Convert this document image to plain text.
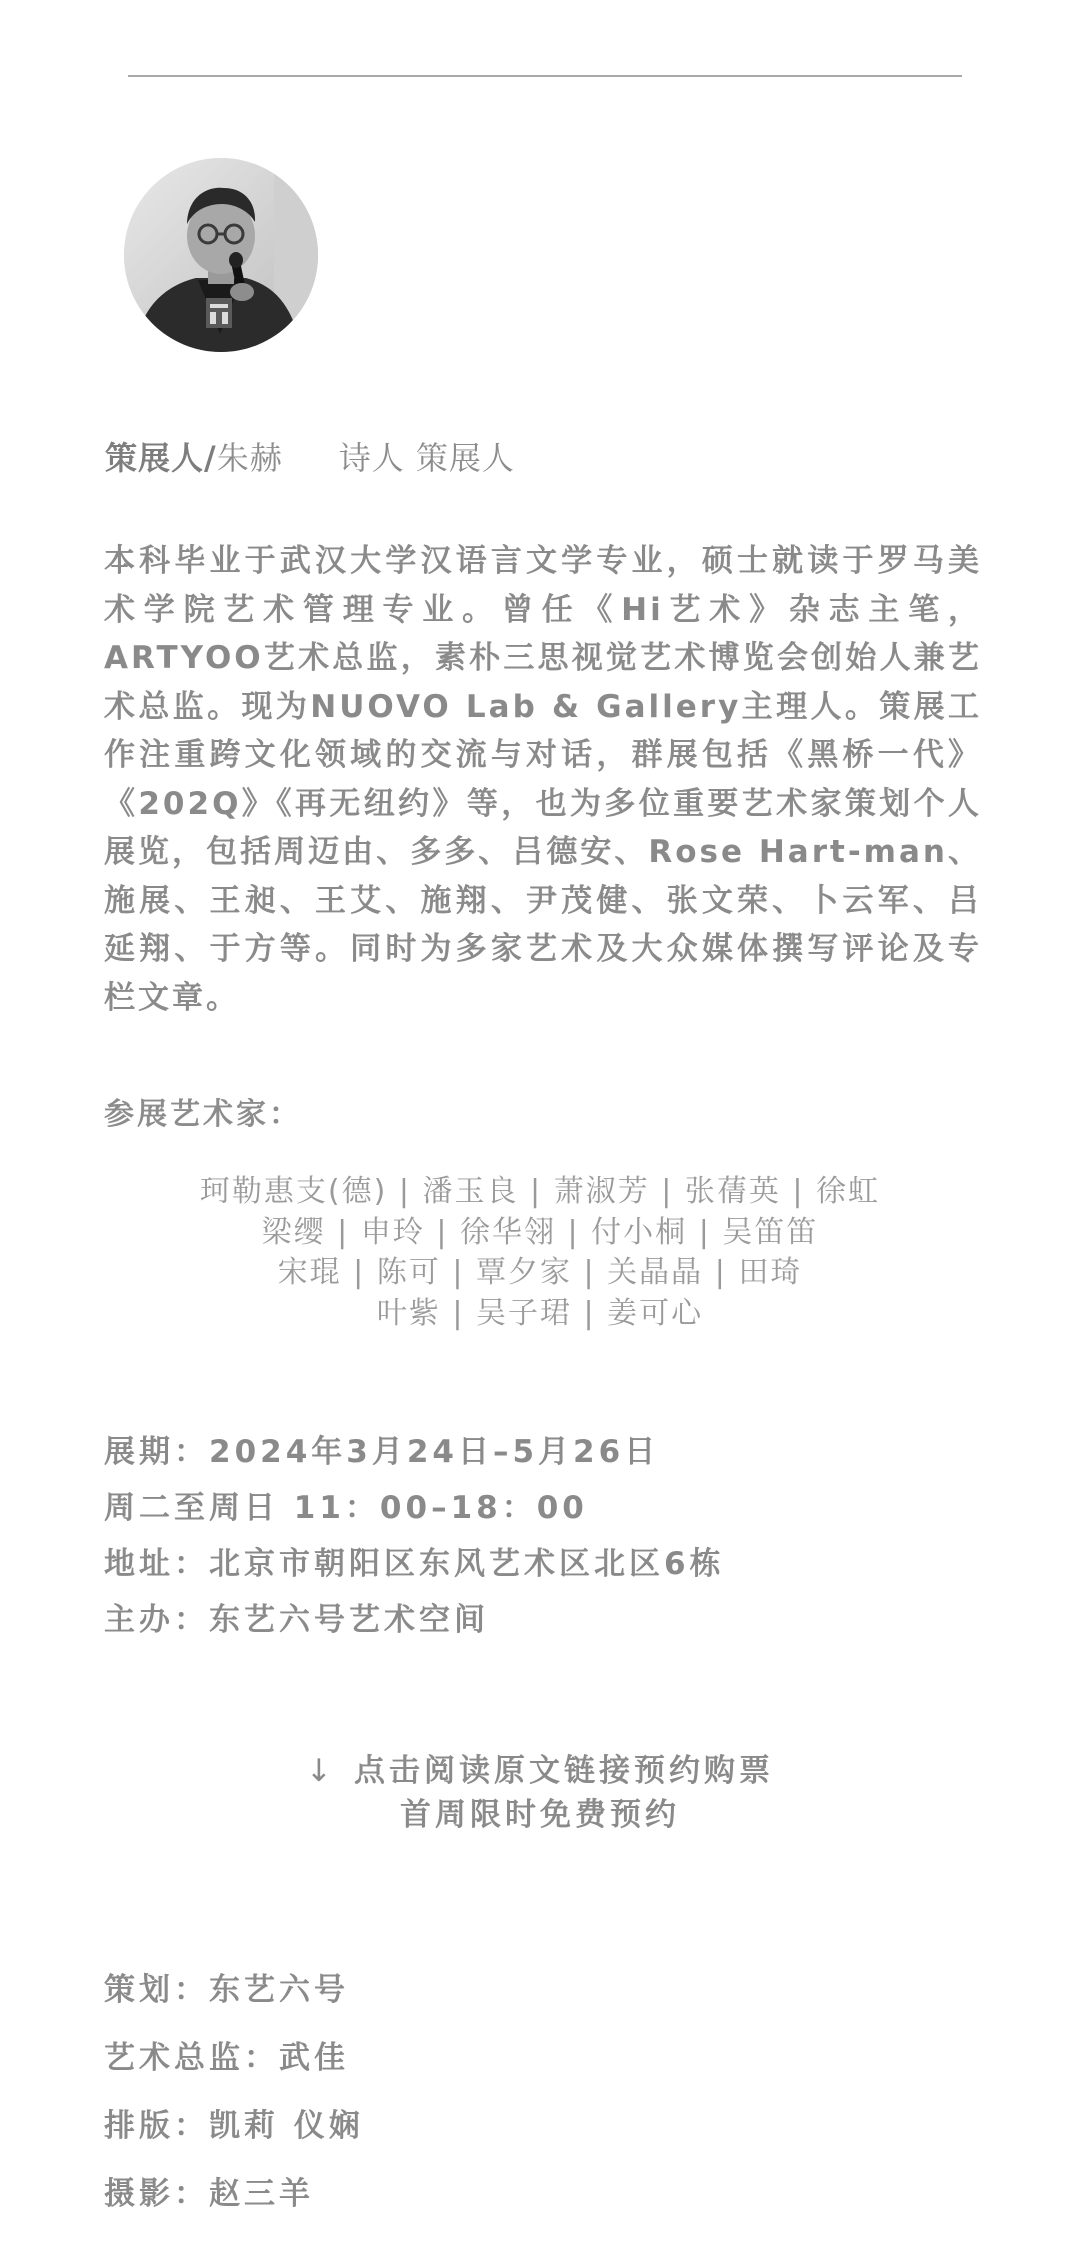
策展人/朱赫 诗人 策展人

本科毕业于武汉大学汉语言文学专业，硕士就读于罗马美术学院艺术管理专业。曾任《Hi艺术》杂志主笔，ARTYOO艺术总监，素朴三思视觉艺术博览会创始人兼艺术总监。现为NUOVO Lab & Gallery主理人。策展工作注重跨文化领域的交流与对话，群展包括《黑桥一代》《202Q》《再无纽约》等，也为多位重要艺术家策划个人展览，包括周迈由、多多、吕德安、Rose Hart-man、施展、王昶、王艾、施翔、尹茂健、张文荣、卜云军、吕延翔、于方等。同时为多家艺术及大众媒体撰写评论及专栏文章。

参展艺术家：
珂勒惠支(德) | 潘玉良 | 萧淑芳 | 张蒨英 | 徐虹
梁缨 | 申玲 | 徐华翎 | 付小桐 | 吴笛笛
宋琨 | 陈可 | 覃夕家 | 关晶晶 | 田琦
叶紫 | 吴子珺 | 姜可心
展期：2024年3月24日–5月26日
周二至周日 11：00–18：00
地址：北京市朝阳区东风艺术区北区6栋
主办：东艺六号艺术空间
↓ 点击阅读原文链接预约购票
首周限时免费预约
策划：东艺六号
艺术总监：武佳
排版：凯莉 仪娴
摄影：赵三羊
